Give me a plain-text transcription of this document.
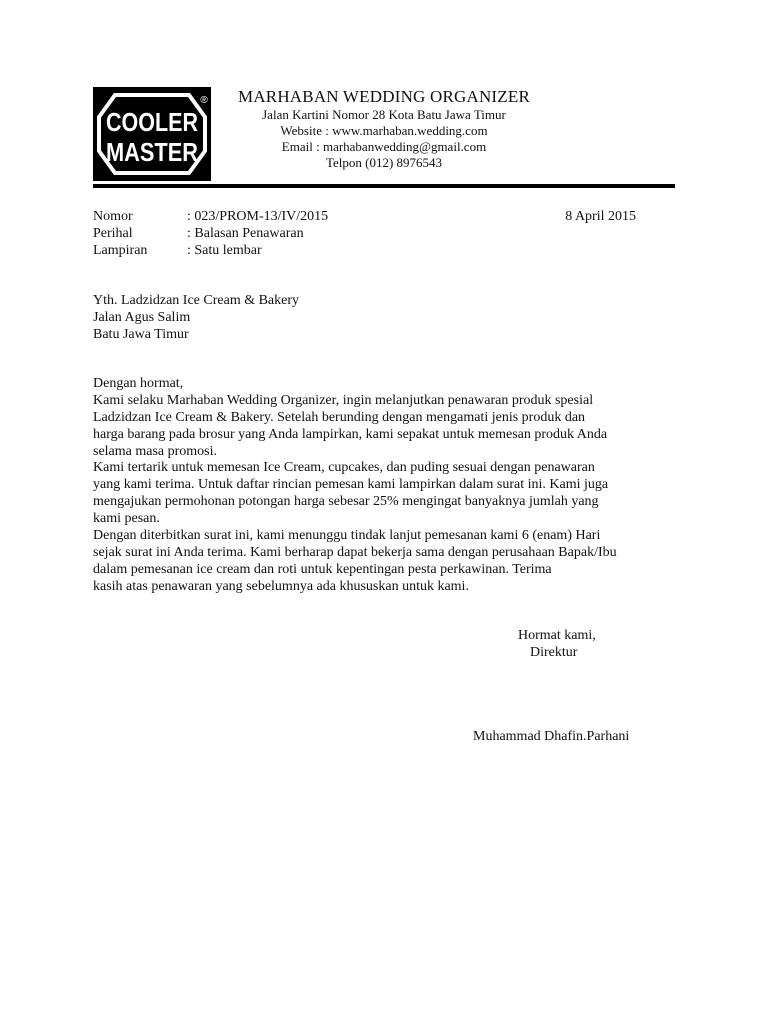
COOLER
MASTER
®	MARHABAN WEDDING ORGANIZER
Jalan Kartini Nomor 28 Kota Batu Jawa Timur
Website : www.marhaban.wedding.com
Email : marhabanwedding@gmail.com
Telpon (012) 8976543
Nomor	: 023/PROM-13/IV/2015
Perihal	: Balasan Penawaran
Lampiran	: Satu lembar
8 April 2015
Yth. Ladzidzan Ice Cream & Bakery
Jalan Agus Salim
Batu Jawa Timur
Dengan hormat,
Kami selaku Marhaban Wedding Organizer, ingin melanjutkan penawaran produk spesial
Ladzidzan Ice Cream & Bakery. Setelah berunding dengan mengamati jenis produk dan
harga barang pada brosur yang Anda lampirkan, kami sepakat untuk memesan produk Anda
selama masa promosi.
Kami tertarik untuk memesan Ice Cream, cupcakes, dan puding sesuai dengan penawaran
yang kami terima. Untuk daftar rincian pemesan kami lampirkan dalam surat ini. Kami juga
mengajukan permohonan potongan harga sebesar 25% mengingat banyaknya jumlah yang
kami pesan.
Dengan diterbitkan surat ini, kami menunggu tindak lanjut pemesanan kami 6 (enam) Hari
sejak surat ini Anda terima. Kami berharap dapat bekerja sama dengan perusahaan Bapak/Ibu
dalam pemesanan ice cream dan roti untuk kepentingan pesta perkawinan. Terima
kasih atas penawaran yang sebelumnya ada khususkan untuk kami.
Hormat kami,
Direktur
Muhammad Dhafin.Parhani
